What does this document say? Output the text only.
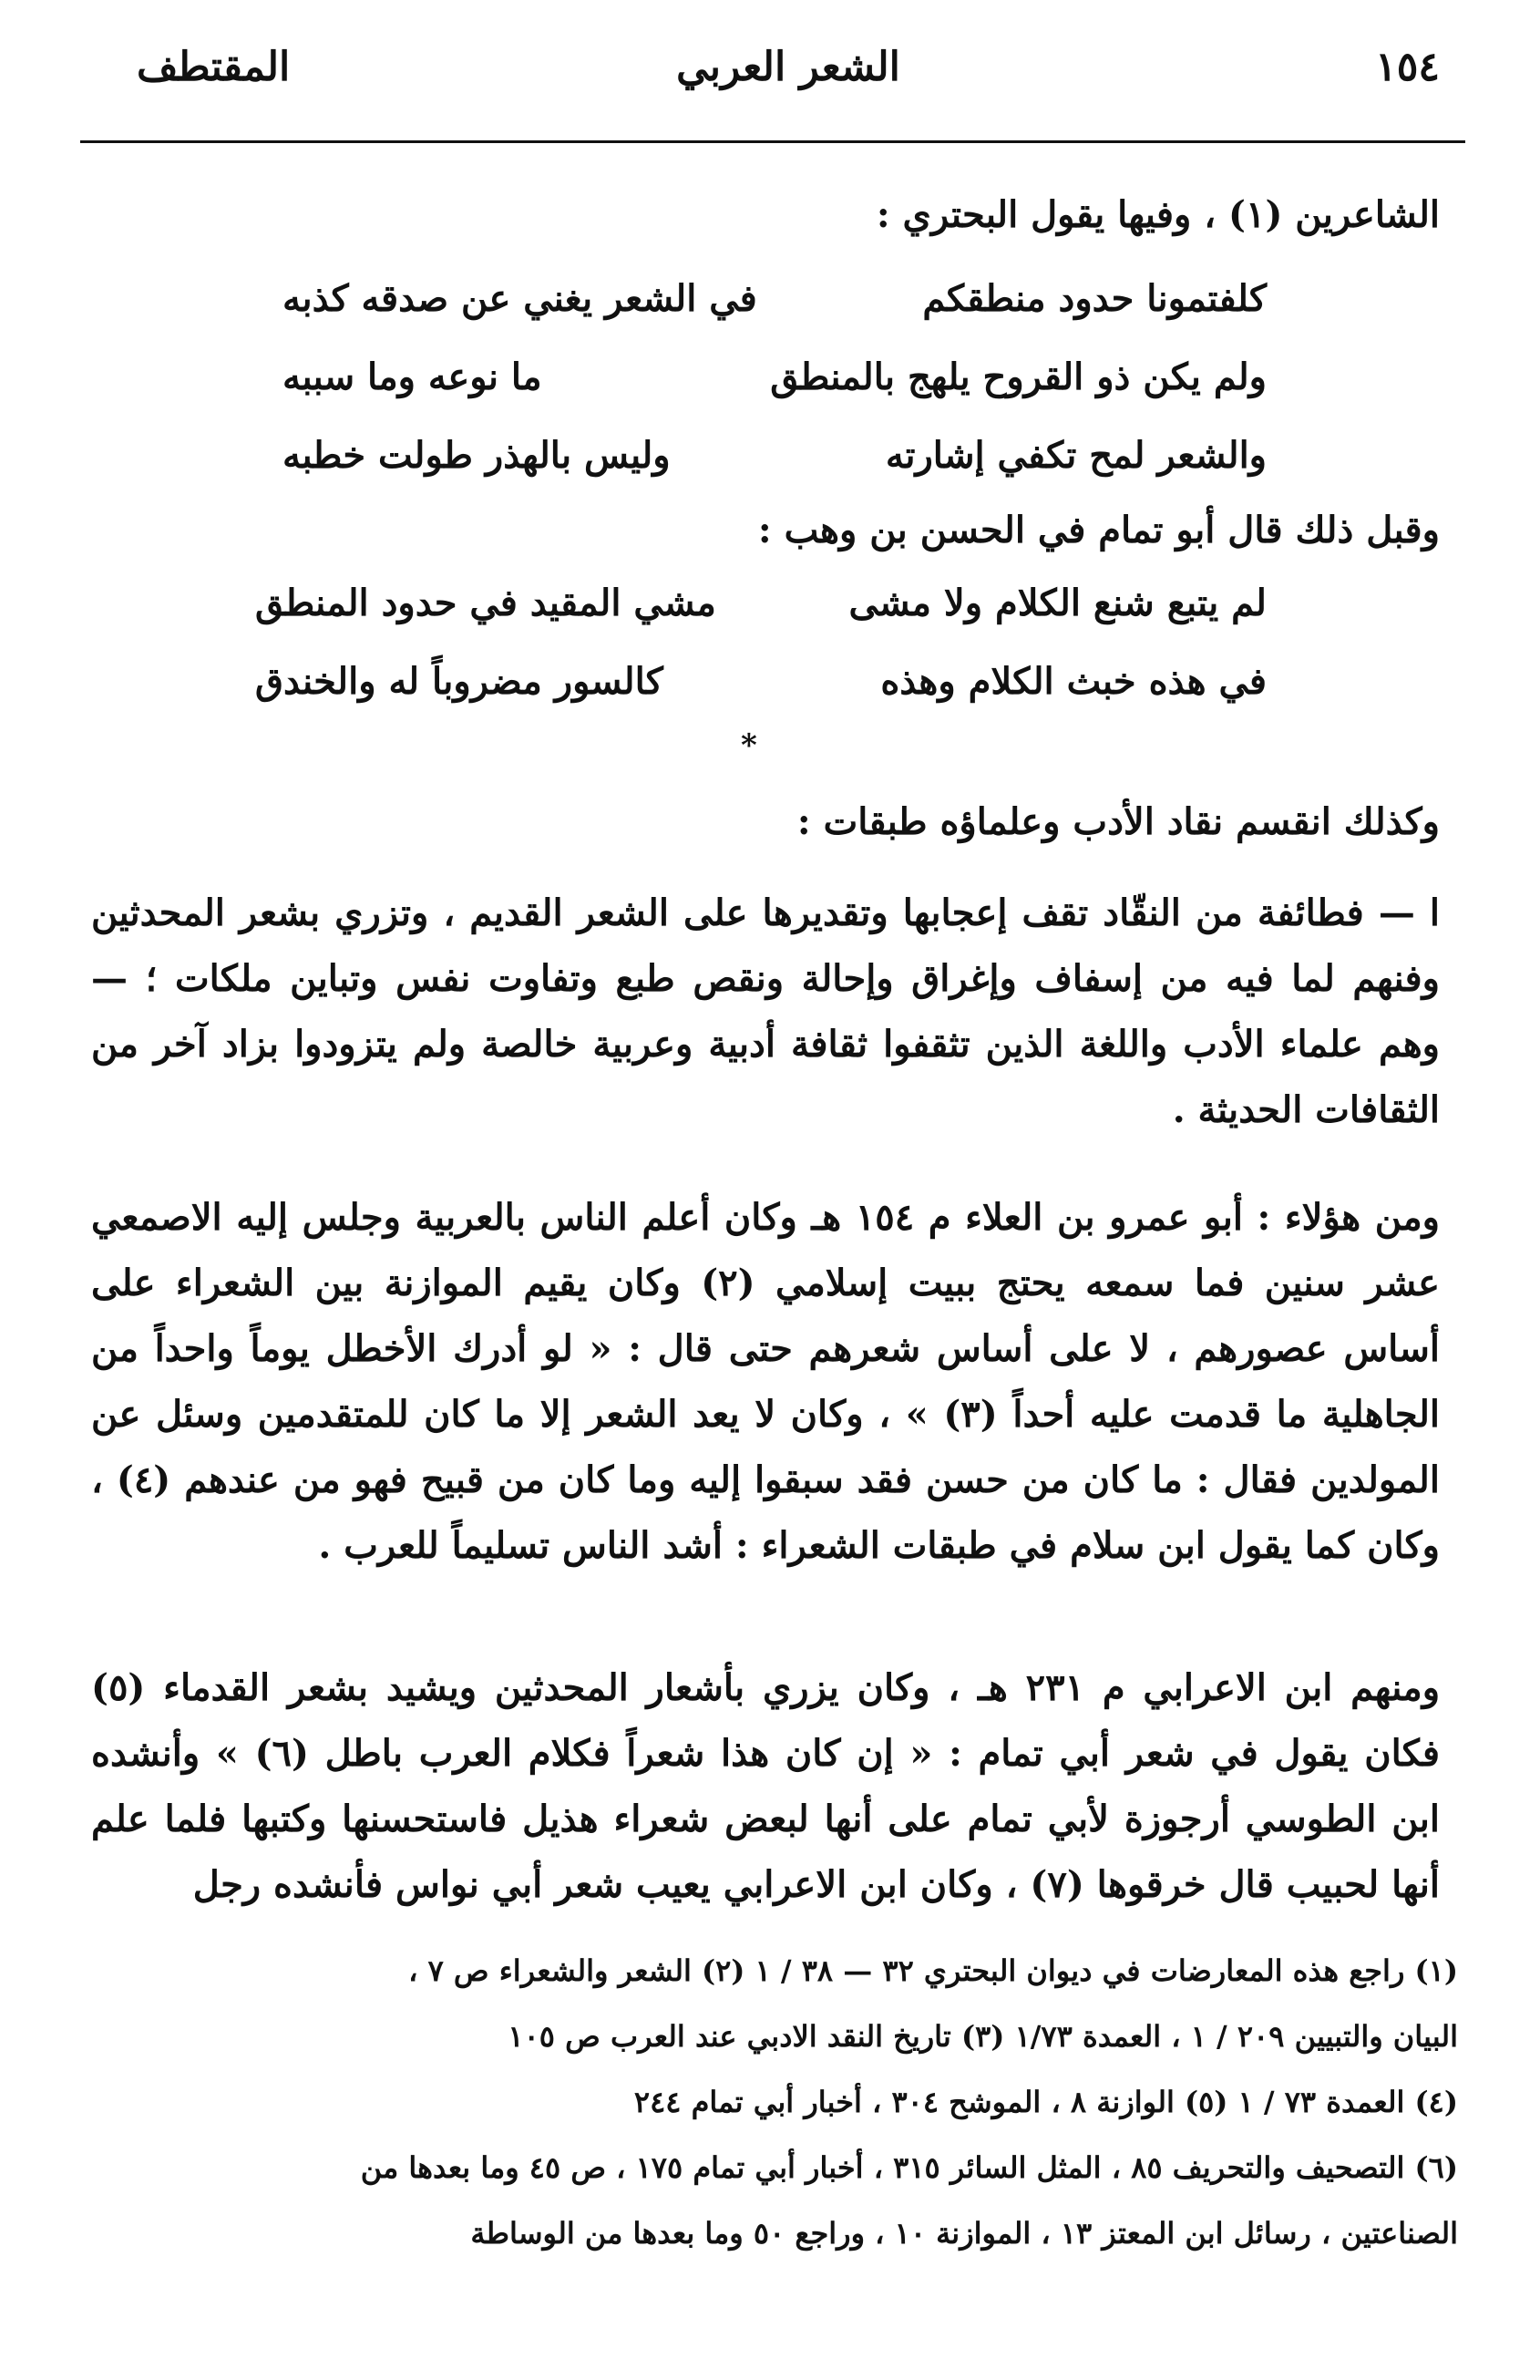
١٥٤
الشعر العربي
المقتطف
الشاعرين (١) ، وفيها يقول البحتري :
كلفتمونا حدود منطقكم
في الشعر يغني عن صدقه كذبه
ولم يكن ذو القروح يلهج بالمنطق
ما نوعه وما سببه
والشعر لمح تكفي إشارته
وليس بالهذر طولت خطبه
وقبل ذلك قال أبو تمام في الحسن بن وهب :
لم يتبع شنع الكلام ولا مشى
مشي المقيد في حدود المنطق
في هذه خبث الكلام وهذه
كالسور مضروباً له والخندق
*
وكذلك انقسم نقاد الأدب وعلماؤه طبقات :
ا — فطائفة من النقّاد تقف إعجابها وتقديرها على الشعر القديم ، وتزري بشعر المحدثين وفنهم لما فيه من إسفاف وإغراق وإحالة ونقص طبع وتفاوت نفس وتباين ملكات ؛ — وهم علماء الأدب واللغة الذين تثقفوا ثقافة أدبية وعربية خالصة ولم يتزودوا بزاد آخر من الثقافات الحديثة .
ومن هؤلاء : أبو عمرو بن العلاء م ١٥٤ هـ وكان أعلم الناس بالعربية وجلس إليه الاصمعي عشر سنين فما سمعه يحتج ببيت إسلامي (٢) وكان يقيم الموازنة بين الشعراء على أساس عصورهم ، لا على أساس شعرهم حتى قال : « لو أدرك الأخطل يوماً واحداً من الجاهلية ما قدمت عليه أحداً (٣) » ، وكان لا يعد الشعر إلا ما كان للمتقدمين وسئل عن المولدين فقال : ما كان من حسن فقد سبقوا إليه وما كان من قبيح فهو من عندهم (٤) ، وكان كما يقول ابن سلام في طبقات الشعراء : أشد الناس تسليماً للعرب .
ومنهم ابن الاعرابي م ٢٣١ هـ ، وكان يزري بأشعار المحدثين ويشيد بشعر القدماء (٥) فكان يقول في شعر أبي تمام : « إن كان هذا شعراً فكلام العرب باطل (٦) » وأنشده ابن الطوسي أرجوزة لأبي تمام على أنها لبعض شعراء هذيل فاستحسنها وكتبها فلما علم أنها لحبيب قال خرقوها (٧) ، وكان ابن الاعرابي يعيب شعر أبي نواس فأنشده رجل
(١) راجع هذه المعارضات في ديوان البحتري ٣٢ — ٣٨ / ١ (٢) الشعر والشعراء ص ٧ ،
البيان والتبيين ٢٠٩ / ١ ، العمدة ١/٧٣ (٣) تاريخ النقد الادبي عند العرب ص ١٠٥
(٤) العمدة ٧٣ / ١ (٥) الوازنة ٨ ، الموشح ٣٠٤ ، أخبار أبي تمام ٢٤٤
(٦) التصحيف والتحريف ٨٥ ، المثل السائر ٣١٥ ، أخبار أبي تمام ١٧٥ ، ص ٤٥ وما بعدها من
الصناعتين ، رسائل ابن المعتز ١٣ ، الموازنة ١٠ ، وراجع ٥٠ وما بعدها من الوساطة
